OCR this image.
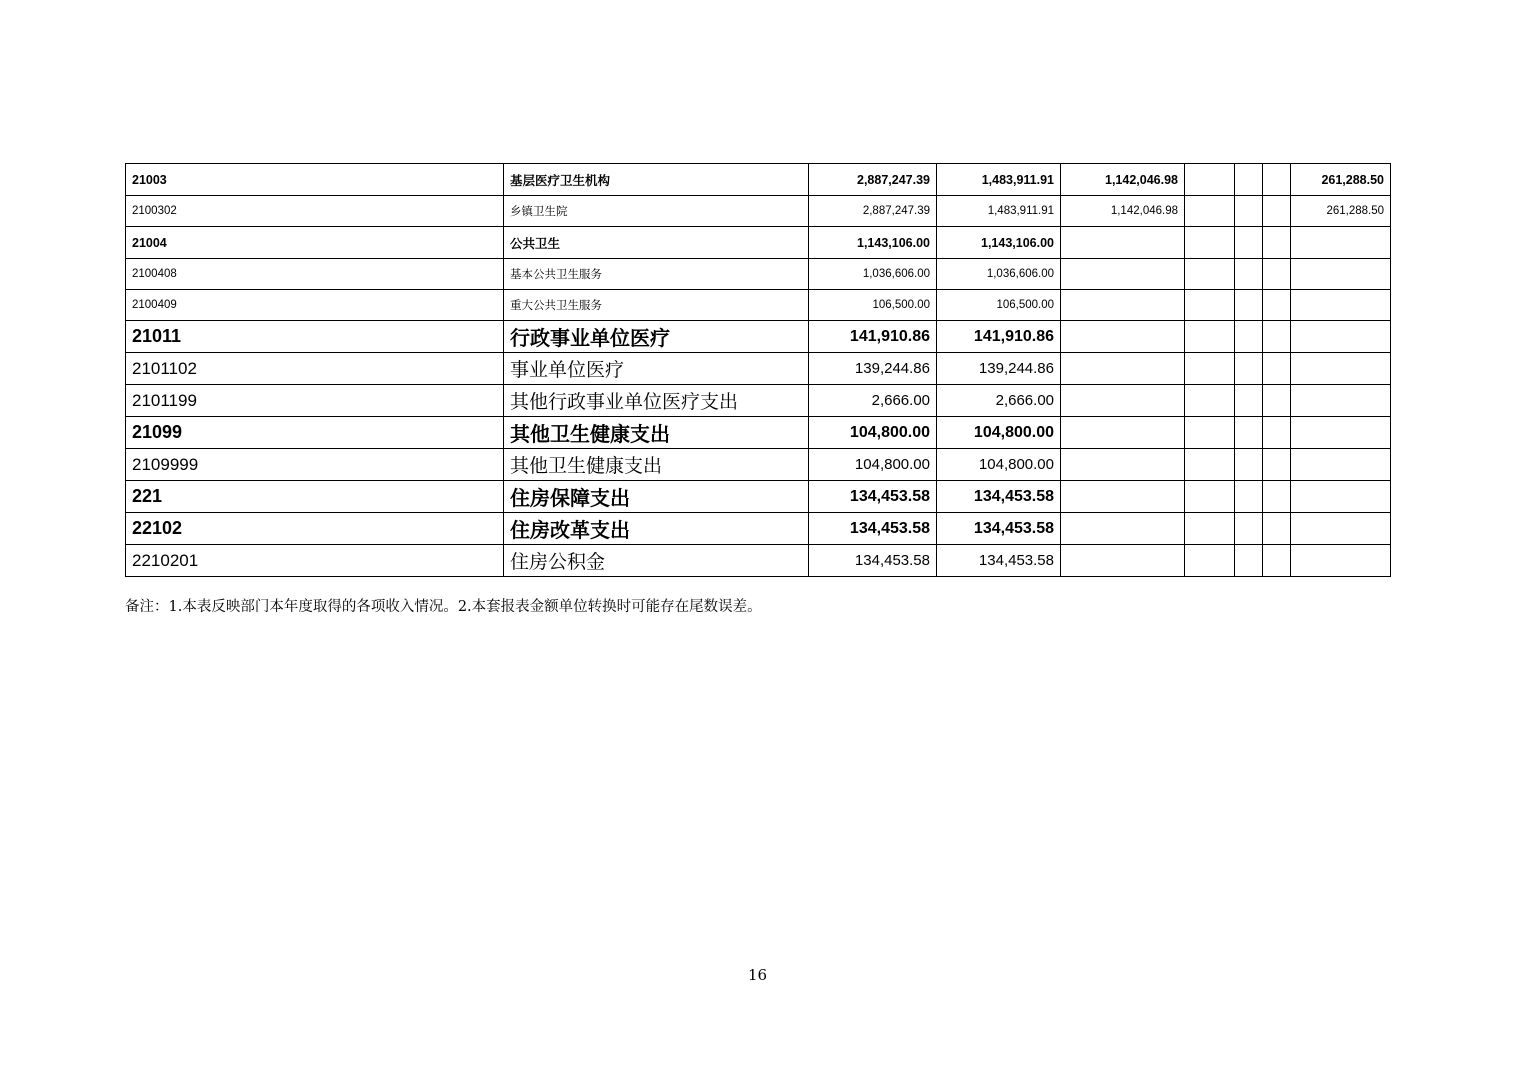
21003	基层医疗卫生机构	2,887,247.39	1,483,911.91	1,142,046.98				261,288.50
2100302	乡镇卫生院	2,887,247.39	1,483,911.91	1,142,046.98				261,288.50
21004	公共卫生	1,143,106.00	1,143,106.00					
2100408	基本公共卫生服务	1,036,606.00	1,036,606.00					
2100409	重大公共卫生服务	106,500.00	106,500.00					
21011	行政事业单位医疗	141,910.86	141,910.86					
2101102	事业单位医疗	139,244.86	139,244.86					
2101199	其他行政事业单位医疗支出	2,666.00	2,666.00					
21099	其他卫生健康支出	104,800.00	104,800.00					
2109999	其他卫生健康支出	104,800.00	104,800.00					
221	住房保障支出	134,453.58	134,453.58					
22102	住房改革支出	134,453.58	134,453.58					
2210201	住房公积金	134,453.58	134,453.58					
备注：1.本表反映部门本年度取得的各项收入情况。2.本套报表金额单位转换时可能存在尾数误差。
16
